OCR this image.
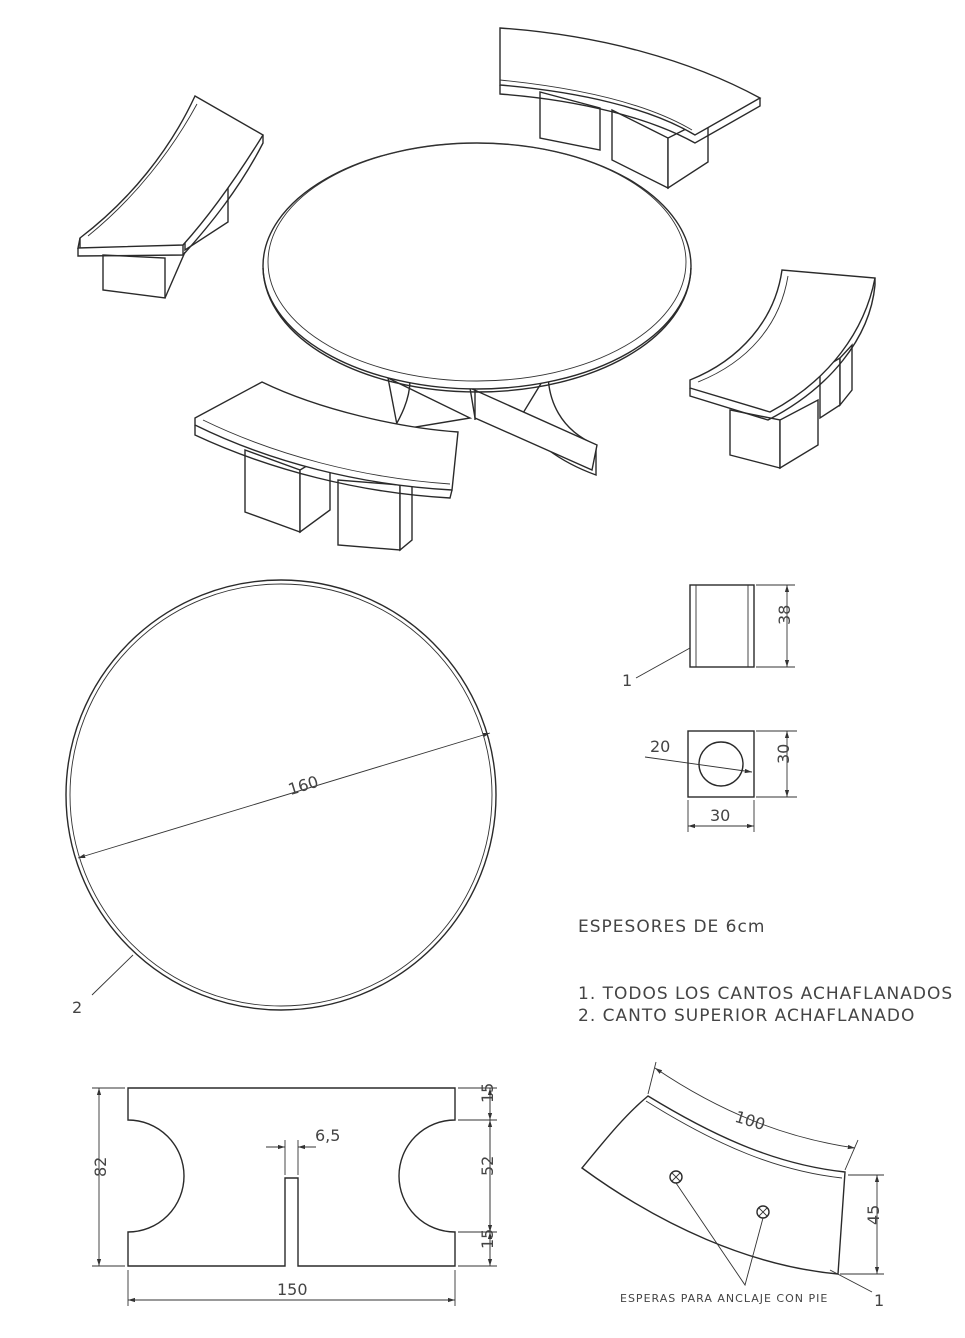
160
2
38
1
20	30
30
ESPESORES DE 6cm
1. TODOS LOS CANTOS ACHAFLANADOS
2. CANTO SUPERIOR ACHAFLANADO
82
6,5
15
52
15
150
100
45
1
ESPERAS PARA ANCLAJE CON PIE
